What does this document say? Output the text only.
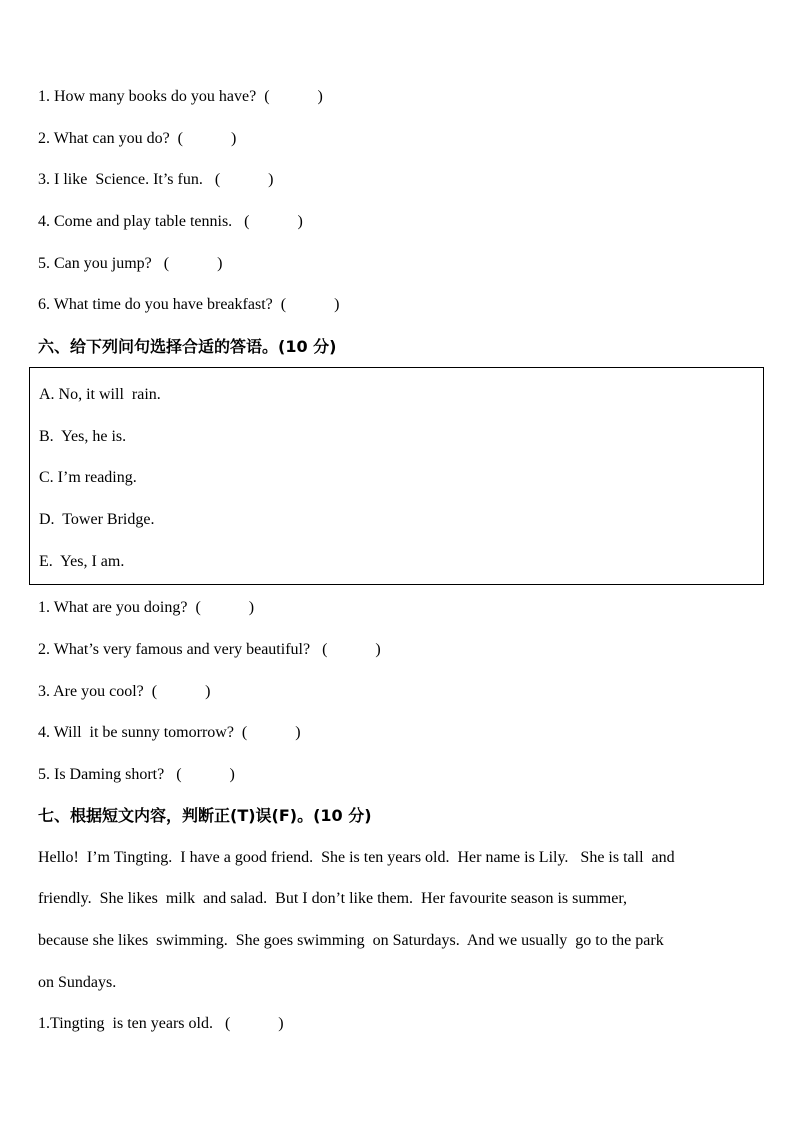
1. How many books do you have?  (            )
2. What can you do?  (            )
3. I like  Science. It’s fun.   (            )
4. Come and play table tennis.   (            )
5. Can you jump?   (            )
6. What time do you have breakfast?  (            )
六、给下列问句选择合适的答语。(10 分)
A. No, it will  rain.
B.  Yes, he is.
C. I’m reading.
D.  Tower Bridge.
E.  Yes, I am.
1. What are you doing?  (            )
2. What’s very famous and very beautiful?   (            )
3. Are you cool?  (            )
4. Will  it be sunny tomorrow?  (            )
5. Is Daming short?   (            )
七、根据短文内容，判断正(T)误(F)。(10 分)
Hello!  I’m Tingting.  I have a good friend.  She is ten years old.  Her name is Lily.   She is tall  and
friendly.  She likes  milk  and salad.  But I don’t like them.  Her favourite season is summer,
because she likes  swimming.  She goes swimming  on Saturdays.  And we usually  go to the park
on Sundays.
1.Tingting  is ten years old.   (            )
